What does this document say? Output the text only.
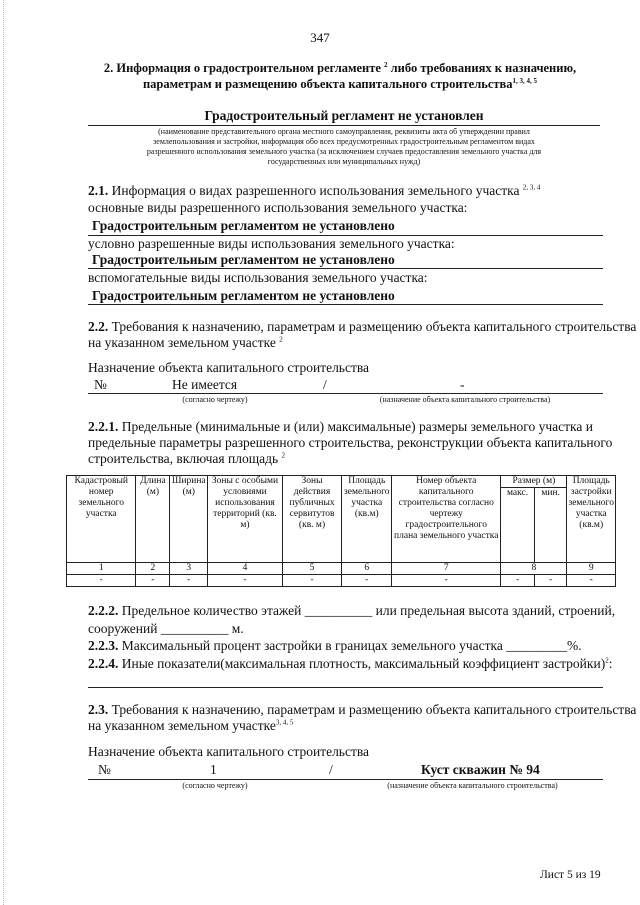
347
2. Информация о градостроительном регламенте $^2$ либо требованиях к назначению,
параметрам и размещению объекта капитального строительства$^{1, 3, 4, 5}$
Градостроительный регламент не установлен
(наименование представительного органа местного самоуправления, реквизиты акта об утверждении правил
землепользования и застройки, информация обо всех предусмотренных градостроительным регламентом видах
разрешенного использования земельного участка (за исключением случаев предоставления земельного участка для
государственных или муниципальных нужд)
2.1. Информация о видах разрешенного использования земельного участка $^{2, 3, 4}$
основные виды разрешенного использования земельного участка:
Градостроительным регламентом не установлено
условно разрешенные виды использования земельного участка:
Градостроительным регламентом не установлено
вспомогательные виды использования земельного участка:
Градостроительным регламентом не установлено
2.2. Требования к назначению, параметрам и размещению объекта капитального строительства
на указанном земельном участке $^2$
Назначение объекта капитального строительства
№	Не имеется	/	-
(согласно чертежу)	(назначение объекта капитального строительства)
2.2.1. Предельные (минимальные и (или) максимальные) размеры земельного участка и
предельные параметры разрешенного строительства, реконструкции объекта капитального
строительства, включая площадь $^2$
Кадастровый номер земельного участка	Длина (м)	Ширина (м)	Зоны с особыми условиями использования территорий (кв. м)	Зоны действия публичных сервитутов (кв. м)	Площадь земельного участка (кв.м)	Номер объекта капитального строительства согласно чертежу градостроительного плана земельного участка	Размер (м)		Площадь застройки земельного участка (кв.м)
							макс.	мин.	
1	2	3	4	5	6	7	8		9
-	-	-	-	-	-	-	-	-	-
2.2.2. Предельное количество этажей __________ или предельная высота зданий, строений,
сооружений __________ м.
2.2.3. Максимальный процент застройки в границах земельного участка _________%.
2.2.4. Иные показатели(максимальная плотность, максимальный коэффициент застройки)$^2$:
2.3. Требования к назначению, параметрам и размещению объекта капитального строительства
на указанном земельном участке$^{3, 4, 5}$
Назначение объекта капитального строительства
№	1	/	Куст скважин № 94
(согласно чертежу)	(назначение объекта капитального строительства)
Лист 5 из 19
